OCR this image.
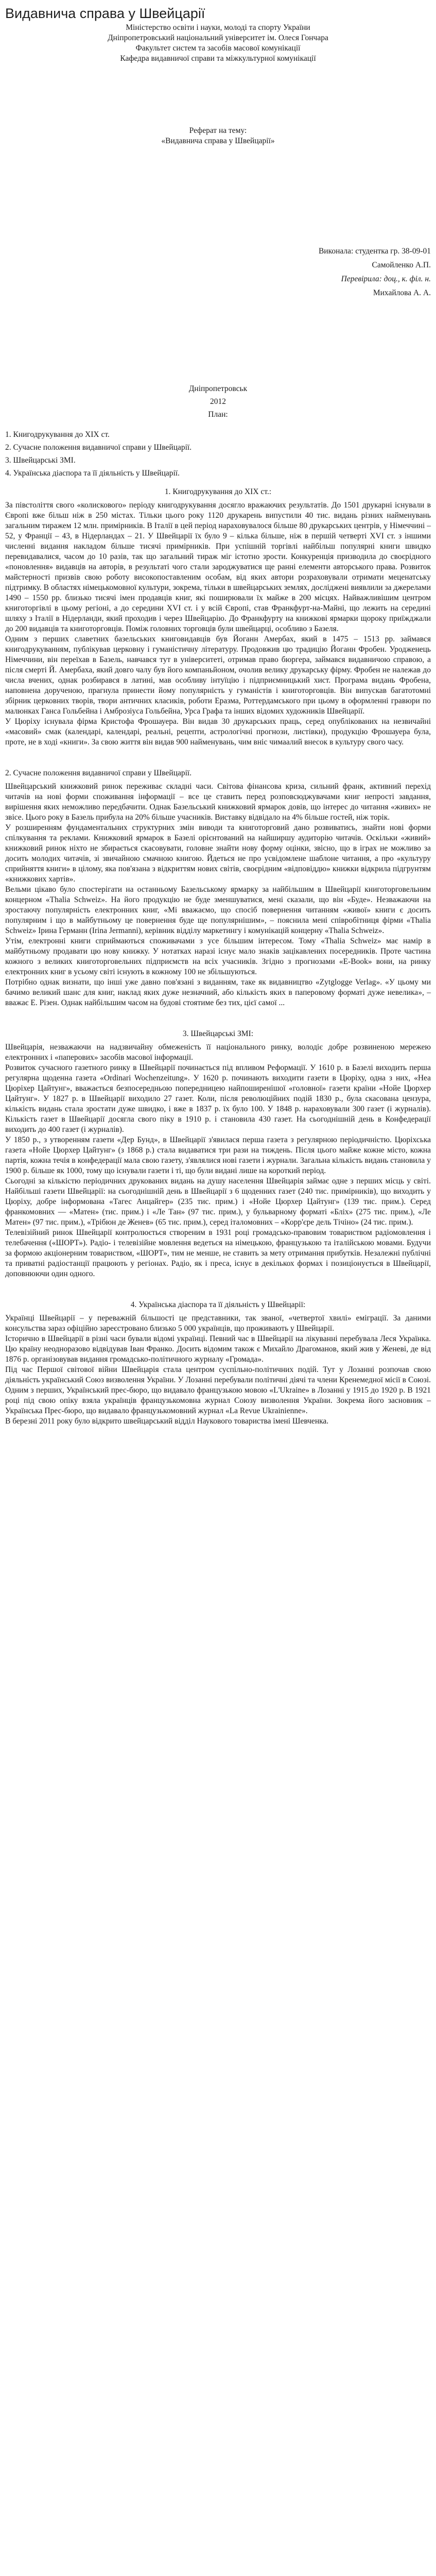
Видавнича справа у Швейцарії
Міністерство освіти і науки, молоді та спорту України
Дніпропетровський національний університет ім. Олеся Гончара
Факультет систем та засобів масової комунікації
Кафедра видавничої справи та міжкультурної комунікації
Реферат на тему:
«Видавнича справа у Швейцарії»
Виконала: студентка гр. 38-09-01
Самойленко А.П.
Перевірила: доц., к. філ. н.
Михайлова А. А.
Дніпропетровськ
2012
План:
1. Книгодрукування до XIX ст.
2. Сучасне положення видавничої справи у Швейцарії.
3. Швейцарські ЗМІ.
4. Українська діаспора та її діяльність у Швейцарії.
1. Книгодрукування до XIX ст.:

За півстоліття свого «колискового» періоду книгодрукування досягло вражаючих результатів. До 1501 друкарні існували в Європі вже більш ніж в 250 містах. Тільки цього року 1120 друкарень випустили 40 тис. видань різних найменувань загальним тиражем 12 млн. примірників. В Італії в цей період нараховувалося більше 80 друкарських центрів, у Німеччині – 52, у Франції – 43, в Нідерландах – 21. У Швейцарії їх було 9 – кілька більше, ніж в першій четверті XVI ст. з іншими численні видання накладом більше тисячі примірників. При успішній торгівлі найбільш популярні книги швидко перевидавалися, часом до 10 разів, так що загальний тираж міг істотно зрости. Конкуренція призводила до своєрідного «поновлення» видавців на авторів, в результаті чого стали зароджуватися ще ранні елементи авторського права. Розвиток майстерності призвів свою роботу високопоставленим особам, від яких автори розраховували отримати меценатську підтримку. В областях німецькомовної культури, зокрема, тільки в швейцарських землях, досліджені виявлили за джерелами 1490 – 1550 pp. близько тисячі імен продавців книг, які поширювали їх майже в 200 місцях. Найважливішим центром книготоргівлі в цьому регіоні, а до середини XVI ст. і у всій Європі, став Франкфурт-на-Майні, що лежить на середині шляху з Італії в Нідерланди, який проходив і через Швейцарію. До Франкфурту на книжкові ярмарки щороку приїжджали до 200 видавців та книготорговців. Поміж головних торговців були швейцарці, особливо з Базеля.

Одним з перших славетних базельських книговидавців був Йоганн Амербах, який в 1475 – 1513 pp. займався книгодрукуванням, публікував церковну і гуманістичну літературу. Продовжив цю традицію Йоганн Фробен. Уродженець Німеччини, він переїхав в Базель, навчався тут в університеті, отримав право бюргера, займався видавничою справою, а після смерті Й. Амербаха, який довго чалу був його компаньйоном, очолив велику друкарську фірму. Фробен не належав до числа вчених, однак розбирався в латині, мав особливу інтуїцію і підприємницький хист. Програма видань Фробена, наповнена дорученою, прагнула принести йому популярність у гуманістів і книготорговців. Він випускав багатотомні збірник церковних творів, твори античних класиків, роботи Еразма, Роттердамського при цьому в оформленні гравюри по малюнках Ганса Гольбейна і Амброзіуса Гольбейна, Урса Графа та інших відомих художників Швейцарії.

У Цюріху існувала фірма Кристофа Фрошауера. Він видав 30 друкарських праць, серед опублікованих на незвичайні «масовий» смак (календарі, календарі, реальні, рецепти, астрологічні прогнози, листівки), продукцію Фрошауера була, проте, не в ході «книги». За свою життя він видав 900 найменувань, чим вніс чимаалий внесок в культуру свого часу.

2. Сучасне положення видавничої справи у Швейцарії.

Швейцарський книжковий ринок переживає складні часи. Світова фінансова криза, сильний франк, активний перехід читачів на нові форми споживання інформації – все це ставить перед розповсюджувачами книг непрості завдання, вирішення яких неможливо передбачити. Однак Базельський книжковий ярмарок довів, що інтерес до читання «живих» не звісе. Цього року в Базель прибула на 20% більше учасників. Виставку відвідало на 4% більше гостей, ніж торік.

У розширенням фундаментальних структурних змін виводи та книготорговий дано розвиватись, знайти нові форми спілкування та реклами. Книжковий ярмарок в Базелі орієнтований на найширшу аудиторію читачів. Оскільки «живий» книжковий ринок ніхто не збирається скасовувати, головне знайти нову форму оцінки, звісно, що в іграх не можливо за досить молодих читачів, зі звичайною смачною книгою. Йдеться не про усвідомлене шаблоне читання, а про «культуру сприйняття книги» в цілому, яка пов'язана з відкриттям нових світів, своєрідним «відповіддю» книжки відкрила підгрунтям «книжкових хартів».

Вельми цікаво було спостерігати на останньому Базельському ярмарку за найбільшим в Швейцарії книготорговельним концерном «Thalia Schweiz». На його продукцію не буде зменшуватися, мені сказали, що він «Буде». Незважаючи на зростаючу популярність електронних книг, «Мі вважаємо, що спосіб повернення читанням «живої» книги є досить популярним і що в майбутньому це повернення буде ще популярнішим», – пояснила мені співробітниця фірми «Thalia Schweiz» Ірина Германн (Irina Jermanni), керівник відділу маркетингу і комунікацій концерну «Thalia Schweiz».

Утім, електронні книги сприймаються споживачами з усе більшим інтересом. Тому «Thalia Schweiz» має намір в майбутньому продавати цю нову книжку. У нотатках наразі існує мало знаків зацікавлених посередників. Проте частина кожного з великих книготорговельних підприємств на всіх учасників. Згідно з прогнозами «E-Book» вони, на ринку електронних книг в усьому світі існують в кожному 100 не збільшуються.

Потрібно однак визнати, що інші уже давно пов'язані з виданням, таке як видавництво «Zytglogge Verlag». «У цьому ми бачимо великий шанс для книг, наклад яких дуже незначний, або кількість яких в паперовому форматі дуже невелика», – вважає Е. Різен. Однак найбільшим часом на будові стоятиме без тих, цієї самої ...

3. Швейцарські ЗМІ:

Швейцарія, незважаючи на надзвичайну обмеженість її національного ринку, володіє добре розвиненою мережею електронних і «паперових» засобів масової інформації.

Розвиток сучасного газетного ринку в Швейцарії починається під впливом Реформації. У 1610 р. в Базелі виходить перша регулярна щоденна газета «Ordinari Wochenzeitung». У 1620 р. починають виходити газети в Цюріху, одна з них, «Неа Цюріхер Цайтунг», вважається безпосередньою попередницею найпоширенішої «головної» газети країни «Нойе Цюрхер Цайтунг». У 1827 р. в Швейцарії виходило 27 газет. Коли, після революційних подій 1830 р., була скасована цензура, кількість видань стала зростати дуже швидко, і вже в 1837 р. їх було 100. У 1848 р. нараховували 300 газет (і журналів). Кількість газет в Швейцарії досягла свого піку в 1910 р. і становила 430 газет. На сьогоднішній день в Конфедерації виходить до 400 газет (і журналів).

У 1850 р., з утворенням газети «Дер Бунд», в Швейцарії з'явилася перша газета з регулярною періодичністю. Цюріхська газета «Нойе Цюрхер Цайтунг» (з 1868 р.) стала видаватися три рази на тиждень. Після цього майже кожне місто, кожна партія, кожна течія в конфедерації мала свою газету, з'являлися нові газети і журнали. Загальна кількість видань становила у 1900 р. більше як 1000, тому що існували газети і ті, що були видані лише на короткий період.

Сьогодні за кількістю періодичних друкованих видань на душу населення Швейцарія займає одне з перших місць у світі. Найбільші газети Швейцарії: на сьогоднішній день в Швейцарії з 6 щоденних газет (240 тис. примірників), що виходить у Цюріху, добре інформована «Тагес Анцайгер» (235 тис. прим.) і «Нойе Цюрхер Цайтунг» (139 тис. прим.). Серед франкомовних — «Матен» (тис. прим.) і «Ле Тан» (97 тис. прим.), у бульварному форматі «Бліх» (275 тис. прим.), «Ле Матен» (97 тис. прим.), «Трібюн де Женев» (65 тис. прим.), серед італомовних – «Корр'єре дель Тічіно» (24 тис. прим.).

Телевізійний ринок Швейцарії контролюється створеним в 1931 році громадсько-правовим товариством радіомовлення і телебачення («ШОРТ»). Радіо- і телевізійне мовлення ведеться на німецькою, французькою та італійською мовами. Будучи за формою акціонерним товариством, «ШОРТ», тим не менше, не ставить за мету отримання прибутків. Незалежні публічні та приватні радіостанції працюють у регіонах. Радіо, як і преса, існує в декількох формах і позиціонується в Швейцарії, доповнюючи один одного.

4. Українська діаспора та її діяльність у Швейцарії:

Українці Швейцарії – у переважній більшості це представники, так званої, «четвертої хвилі» еміграції. За даними консульства зараз офіційно зареєстровано близько 5 000 українців, що проживають у Швейцарії.

Історично в Швейцарії в різні часи бували відомі українці. Певний час в Швейцарії на лікуванні перебувала Леся Українка. Цю країну неодноразово відвідував Іван Франко. Досить відомим також є Михайло Драгоманов, який жив у Женеві, де від 1876 р. організовував видання громадсько-політичного журналу «Громада».

Під час Першої світової війни Швейцарія стала центром суспільно-політичних подій. Тут у Лозанні розпочав свою діяльність український Союз визволення України. У Лозанні перебували політичні діячі та члени Кренемедної місії в Союзі. Одним з перших, Український прес-бюро, що видавало французькою мовою «L'Ukraine» в Лозанні у 1915 до 1920 р. В 1921 році під свою опіку взяла українців французькомовна журнал Союзу визволення України. Зокрема його засновник – Українська Прес-бюро, що видавало французькомовний журнал «La Revue Ukrainienne».

В березні 2011 року було відкрито швейцарський відділ Наукового товариства імені Шевченка.
